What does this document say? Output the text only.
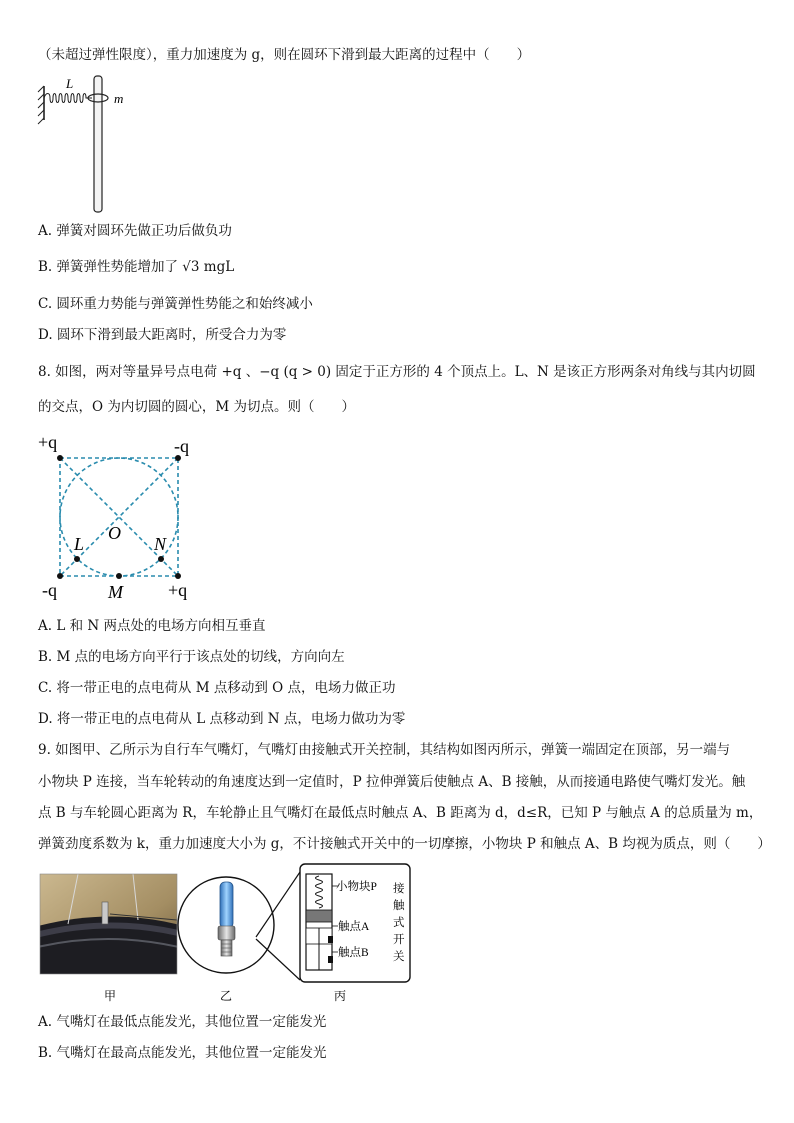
（未超过弹性限度），重力加速度为 g，则在圆环下滑到最大距离的过程中（　　）
L
m
A. 弹簧对圆环先做正功后做负功
B. 弹簧弹性势能增加了 √3 mgL
C. 圆环重力势能与弹簧弹性势能之和始终减小
D. 圆环下滑到最大距离时，所受合力为零
8. 如图，两对等量异号点电荷 +q 、−q (q > 0) 固定于正方形的 4 个顶点上。L、N 是该正方形两条对角线与其内切圆
的交点，O 为内切圆的圆心，M 为切点。则（　　）
+q	-q
-q	+q
O
L	N
M
A. L 和 N 两点处的电场方向相互垂直
B. M 点的电场方向平行于该点处的切线，方向向左
C. 将一带正电的点电荷从 M 点移动到 O 点，电场力做正功
D. 将一带正电的点电荷从 L 点移动到 N 点，电场力做功为零
9. 如图甲、乙所示为自行车气嘴灯，气嘴灯由接触式开关控制，其结构如图丙所示，弹簧一端固定在顶部，另一端与
小物块 P 连接，当车轮转动的角速度达到一定值时，P 拉伸弹簧后使触点 A、B 接触，从而接通电路使气嘴灯发光。触
点 B 与车轮圆心距离为 R，车轮静止且气嘴灯在最低点时触点 A、B 距离为 d，d≤R，已知 P 与触点 A 的总质量为 m，
弹簧劲度系数为 k，重力加速度大小为 g，不计接触式开关中的一切摩擦，小物块 P 和触点 A、B 均视为质点，则（　　）
小物块P
触点A
触点B
接
触
式
开
关
甲	乙	丙
A. 气嘴灯在最低点能发光，其他位置一定能发光
B. 气嘴灯在最高点能发光，其他位置一定能发光
